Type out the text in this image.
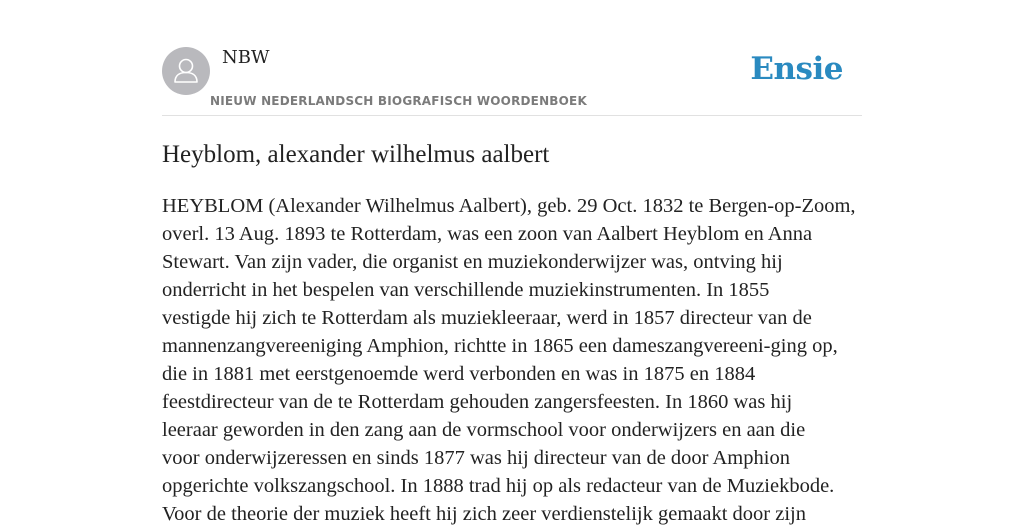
NBW
NIEUW NEDERLANDSCH BIOGRAFISCH WOORDENBOEK
Ensie
Heyblom, alexander wilhelmus aalbert
HEYBLOM (Alexander Wilhelmus Aalbert), geb. 29 Oct. 1832 te Bergen-op-Zoom,
overl. 13 Aug. 1893 te Rotterdam, was een zoon van Aalbert Heyblom en Anna
Stewart. Van zijn vader, die organist en muziekonderwijzer was, ontving hij
onderricht in het bespelen van verschillende muziekinstrumenten. In 1855
vestigde hij zich te Rotterdam als muziekleeraar, werd in 1857 directeur van de
mannenzangvereeniging Amphion, richtte in 1865 een dameszangvereeni-ging op,
die in 1881 met eerstgenoemde werd verbonden en was in 1875 en 1884
feestdirecteur van de te Rotterdam gehouden zangersfeesten. In 1860 was hij
leeraar geworden in den zang aan de vormschool voor onderwijzers en aan die
voor onderwijzeressen en sinds 1877 was hij directeur van de door Amphion
opgerichte volkszangschool. In 1888 trad hij op als redacteur van de Muziekbode.
Voor de theorie der muziek heeft hij zich zeer verdienstelijk gemaakt door zijn
